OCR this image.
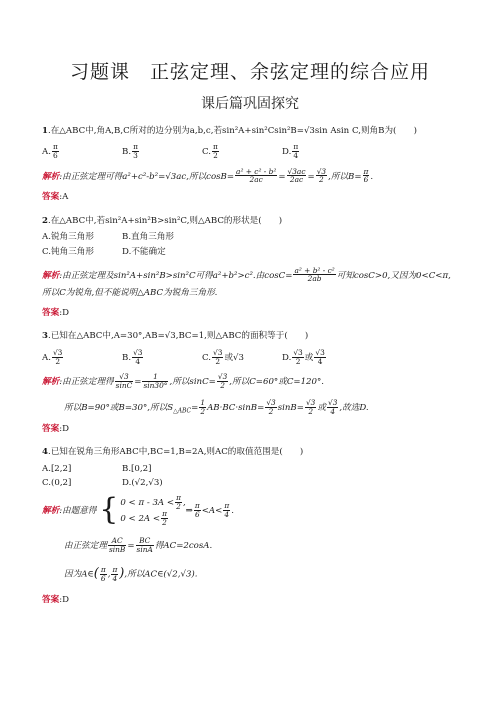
习题课　正弦定理、余弦定理的综合应用
课后篇巩固探究
1.在△ABC中,角A,B,C所对的边分别为a,b,c,若sin²A+sin²Csin²B=√3sin Asin C,则角B为(　　)
A. $\frac{\pi}{6}$	B. $\frac{\pi}{3}$	C. $\frac{\pi}{2}$	D. $\frac{\pi}{4}$
解析:由正弦定理可得a²+c²-b²=√3ac,所以$\cos B= \frac{\text{a² + c² - b²}}{2ac} = \frac{√3ac}{2ac} = \frac{√3}{2}$ ,所以$B= \frac{\pi}{6}$ .
答案:A
2.在△ABC中,若sin²A+sin²B>sin²C,则△ABC的形状是(　　)
A.锐角三角形	B.直角三角形
C.钝角三角形	D.不能确定
解析:由正弦定理及sin²A+sin²B>sin²C可得a²+b²>c².由$\cos C= \frac{\text{a² + b² - c²}}{2ab}$ 可知cosC>0,又因为0<C<π,
所以C为锐角,但不能说明△ABC为锐角三角形.
答案:D
3.已知在△ABC中,A=30°,AB=√3,BC=1,则△ABC的面积等于(　　)
A. $\frac{√3}{2}$	B. $\frac{√3}{4}$	C. $\frac{√3}{2}$ 或√3	D. $\frac{√3}{2}$ 或 $\frac{√3}{4}$
解析:由正弦定理得 $\frac{√3}{\sin C} = \frac{1}{\sin 30^\circ}$ ,所以$\sin C= \frac{√3}{2}$ ,所以C=60°或C=120°.
所以B=90°或B=30°,所以$S_{\triangle ABC}= \frac{1}{2} AB\cdot BC\cdot\sin B= \frac{√3}{2} \sin B= \frac{√3}{2}$ 或 $\frac{√3}{4}$ ,故选D.
答案:D
4.已知在锐角三角形ABC中,BC=1,B=2A,则AC的取值范围是(　　)
A.[2,2]	B.[0,2]
C.(0,2]	D.(√2,√3)
解析:由题意得 { $0 < \pi - 3A < \frac{\pi}{2}$ ,
$0 < 2A < \frac{\pi}{2}$ ⇒ $\frac{\pi}{6} <A< \frac{\pi}{4}$ .
由正弦定理 $\frac{AC}{\sin B} = \frac{BC}{\sin A}$ 得AC=2cosA.
因为A∈( $\frac{\pi}{6}$ , $\frac{\pi}{4}$ ),所以AC∈(√2,√3).
答案:D
